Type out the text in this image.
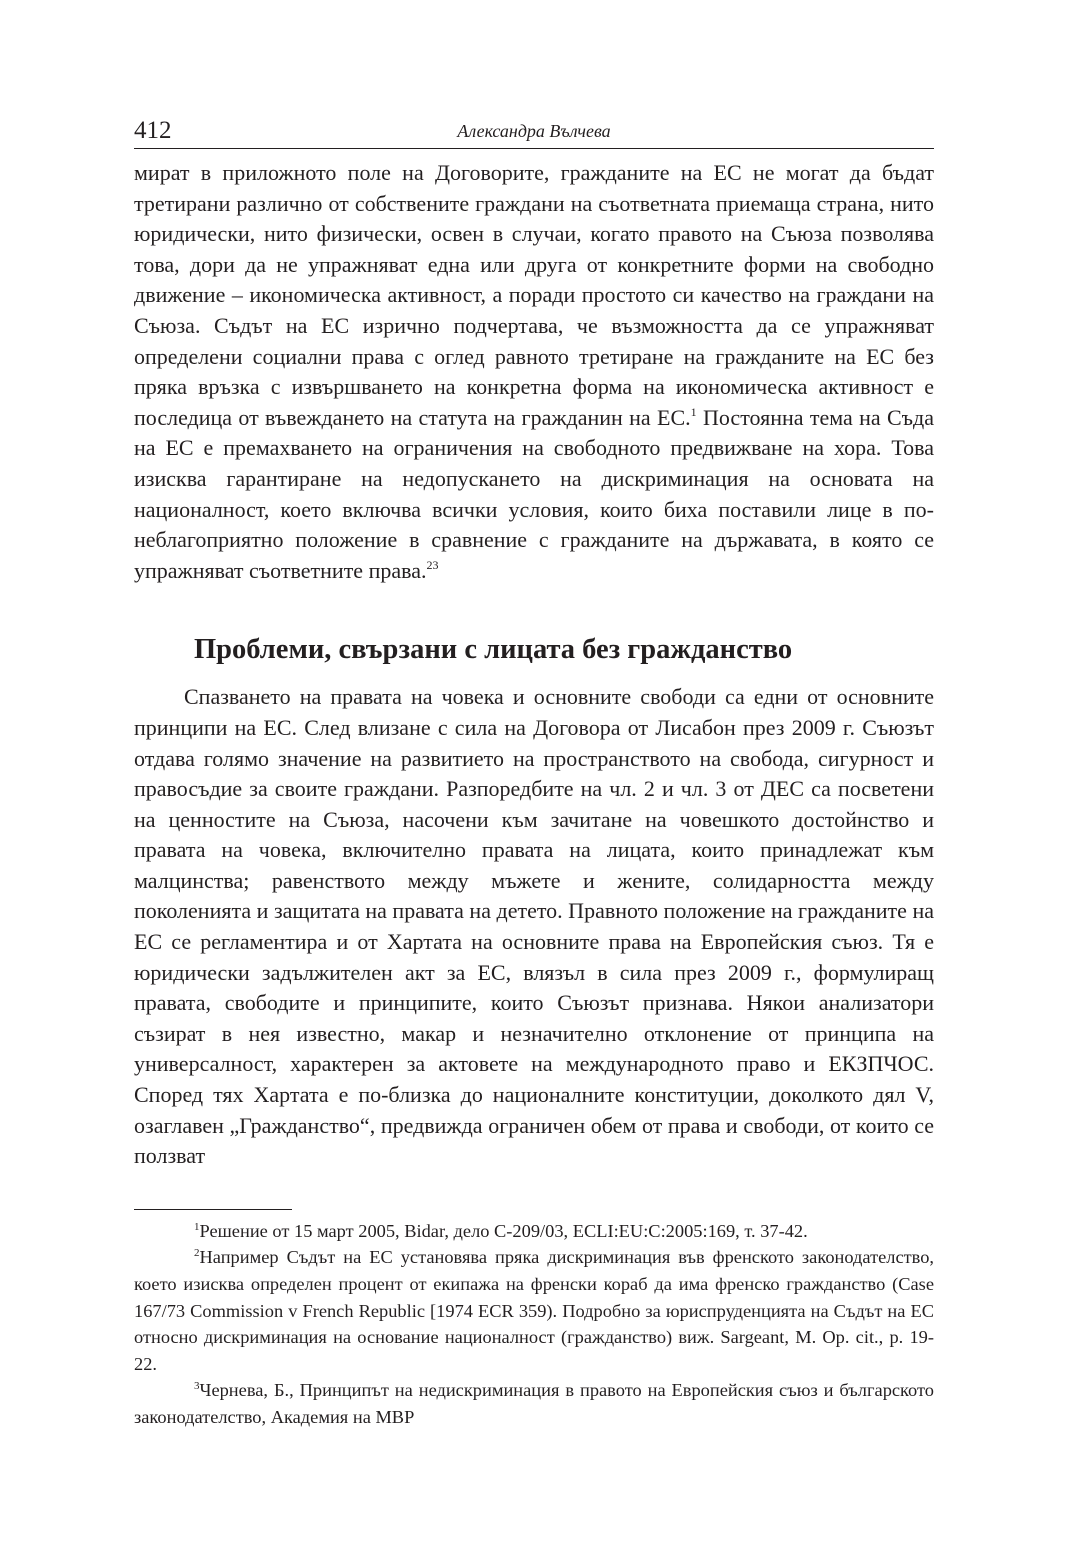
412	Александра Вълчева

мират в приложното поле на Договорите, гражданите на ЕС не могат да бъдат третирани различно от собствените граждани на съответната приемаща страна, нито юридически, нито физически, освен в случаи, когато правото на Съюза позволява това, дори да не упражняват една или друга от конкретните форми на свободно движение – икономическа активност, а поради простото си качество на граждани на Съюза. Съдът на ЕС изрично подчертава, че възможността да се упражняват определени социални права с оглед равното третиране на гражданите на ЕС без пряка връзка с извършването на конкретна форма на икономическа активност е последица от въвеждането на статута на гражданин на ЕС.$^1$ Постоянна тема на Съда на ЕС е премахването на ограничения на свободното предвижване на хора. Това изисква гарантиране на недопускането на дискриминация на основата на националност, което включва всички условия, които биха поставили лице в по-неблагоприятно положение в сравнение с гражданите на държавата, в която се упражняват съответните права.$^{23}$

Проблеми, свързани с лицата без гражданство

Спазването на правата на човека и основните свободи са едни от основните принципи на ЕС. След влизане с сила на Договора от Лисабон през 2009 г. Съюзът отдава голямо значение на развитието на пространството на свобода, сигурност и правосъдие за своите граждани. Разпоредбите на чл. 2 и чл. 3 от ДЕС са посветени на ценностите на Съюза, насочени към зачитане на човешкото достойнство и правата на човека, включително правата на лицата, които принадлежат към малцинства; равенството между мъжете и жените, солидарността между поколенията и защитата на правата на детето. Правното положение на гражданите на ЕС се регламентира и от Хартата на основните права на Европейския съюз. Тя е юридически задължителен акт за ЕС, влязъл в сила през 2009 г., формулиращ правата, свободите и принципите, които Съюзът признава. Някои анализатори съзират в нея известно, макар и незначително отклонение от принципа на универсалност, характерен за актовете на международното право и ЕКЗПЧОС. Според тях Хартата е по-близка до националните конституции, доколкото дял V, озаглавен „Гражданство“, предвижда ограничен обем от права и свободи, от които се ползват

$^1$Решение от 15 март 2005, Bidar, дело C-209/03, ECLI:EU:C:2005:169, т. 37-42.

$^2$Например Съдът на ЕС установява пряка дискриминация във френското законодателство, което изисква определен процент от екипажа на френски кораб да има френско гражданство (Case 167/73 Commission v French Republic [1974 ECR 359). Подробно за юриспруденцията на Съдът на ЕС относно дискриминация на основание националност (гражданство) виж. Sargeant, M. Op. cit., p. 19-22.

$^3$Чернева, Б., Принципът на недискриминация в правото на Европейския съюз и българското законодателство, Академия на МВР
